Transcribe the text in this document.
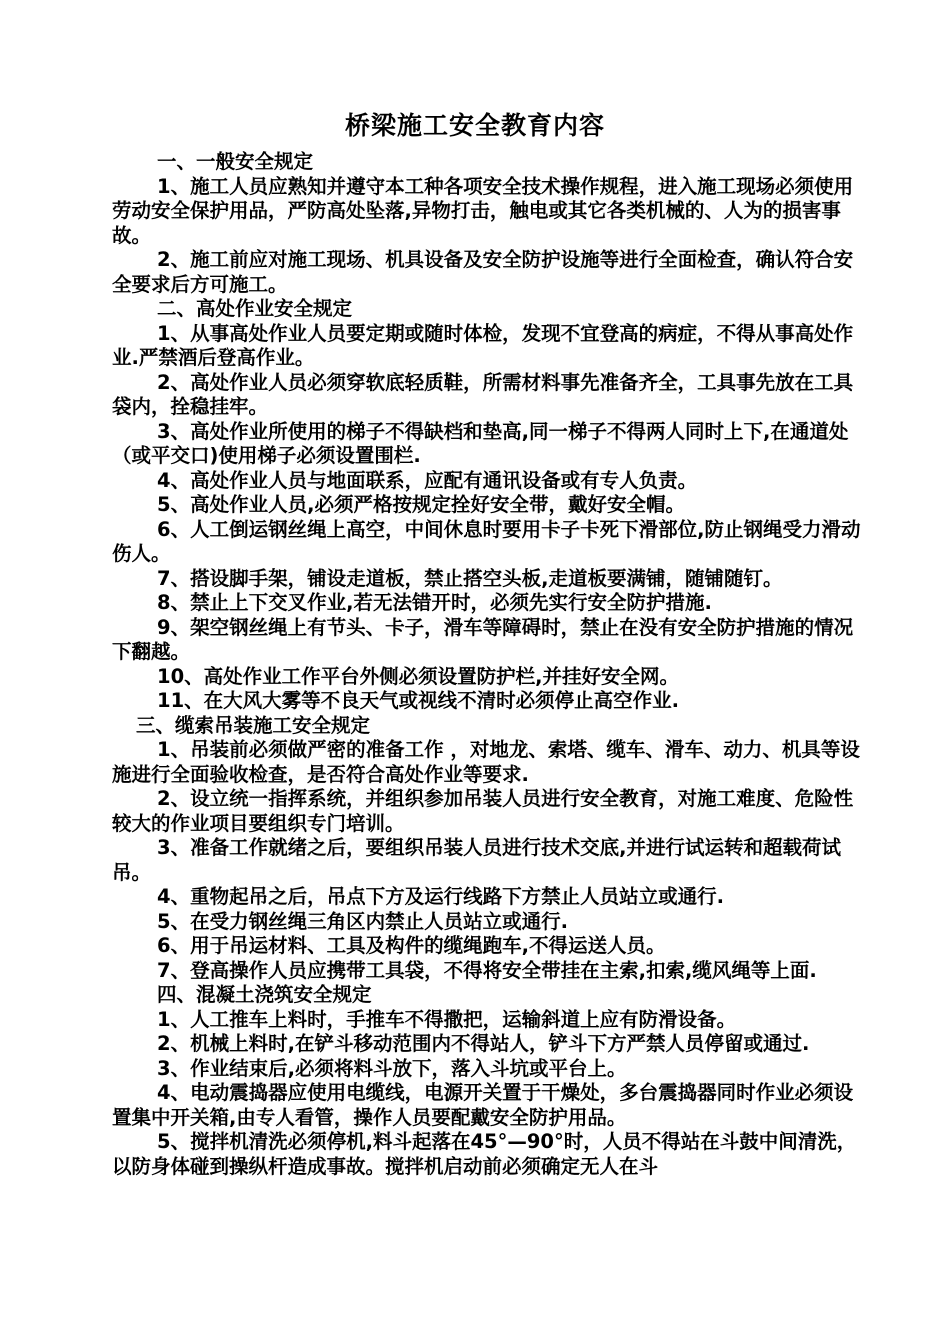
桥梁施工安全教育内容

一、一般安全规定

1、施工人员应熟知并遵守本工种各项安全技术操作规程，进入施工现场必须使用劳动安全保护用品，严防高处坠落,异物打击，触电或其它各类机械的、人为的损害事故。

2、施工前应对施工现场、机具设备及安全防护设施等进行全面检查，确认符合安全要求后方可施工。

二、高处作业安全规定

1、从事高处作业人员要定期或随时体检，发现不宜登高的病症，不得从事高处作业.严禁酒后登高作业。

2、高处作业人员必须穿软底轻质鞋，所需材料事先准备齐全，工具事先放在工具袋内，拴稳挂牢。

3、高处作业所使用的梯子不得缺档和垫高,同一梯子不得两人同时上下,在通道处（或平交口)使用梯子必须设置围栏.

4、高处作业人员与地面联系，应配有通讯设备或有专人负责。

5、高处作业人员,必须严格按规定拴好安全带，戴好安全帽。

6、人工倒运钢丝绳上高空，中间休息时要用卡子卡死下滑部位,防止钢绳受力滑动伤人。

7、搭设脚手架，铺设走道板，禁止搭空头板,走道板要满铺，随铺随钉。

8、禁止上下交叉作业,若无法错开时，必须先实行安全防护措施.

9、架空钢丝绳上有节头、卡子，滑车等障碍时，禁止在没有安全防护措施的情况下翻越。

10、高处作业工作平台外侧必须设置防护栏,并挂好安全网。

11、在大风大雾等不良天气或视线不清时必须停止高空作业.

三、缆索吊装施工安全规定

1、吊装前必须做严密的准备工作 ，对地龙、索塔、缆车、滑车、动力、机具等设施进行全面验收检查，是否符合高处作业等要求.

2、设立统一指挥系统，并组织参加吊装人员进行安全教育，对施工难度、危险性较大的作业项目要组织专门培训。

3、准备工作就绪之后，要组织吊装人员进行技术交底,并进行试运转和超载荷试吊。

4、重物起吊之后，吊点下方及运行线路下方禁止人员站立或通行.

5、在受力钢丝绳三角区内禁止人员站立或通行.

6、用于吊运材料、工具及构件的缆绳跑车,不得运送人员。

7、登高操作人员应携带工具袋，不得将安全带挂在主索,扣索,缆风绳等上面.

四、混凝土浇筑安全规定

1、人工推车上料时，手推车不得撒把，运输斜道上应有防滑设备。

2、机械上料时,在铲斗移动范围内不得站人，铲斗下方严禁人员停留或通过.

3、作业结束后,必须将料斗放下，落入斗坑或平台上。

4、电动震捣器应使用电缆线，电源开关置于干燥处，多台震捣器同时作业必须设置集中开关箱,由专人看管，操作人员要配戴安全防护用品。

5、搅拌机清洗必须停机,料斗起落在45°—90°时，人员不得站在斗鼓中间清洗，以防身体碰到操纵杆造成事故。搅拌机启动前必须确定无人在斗
